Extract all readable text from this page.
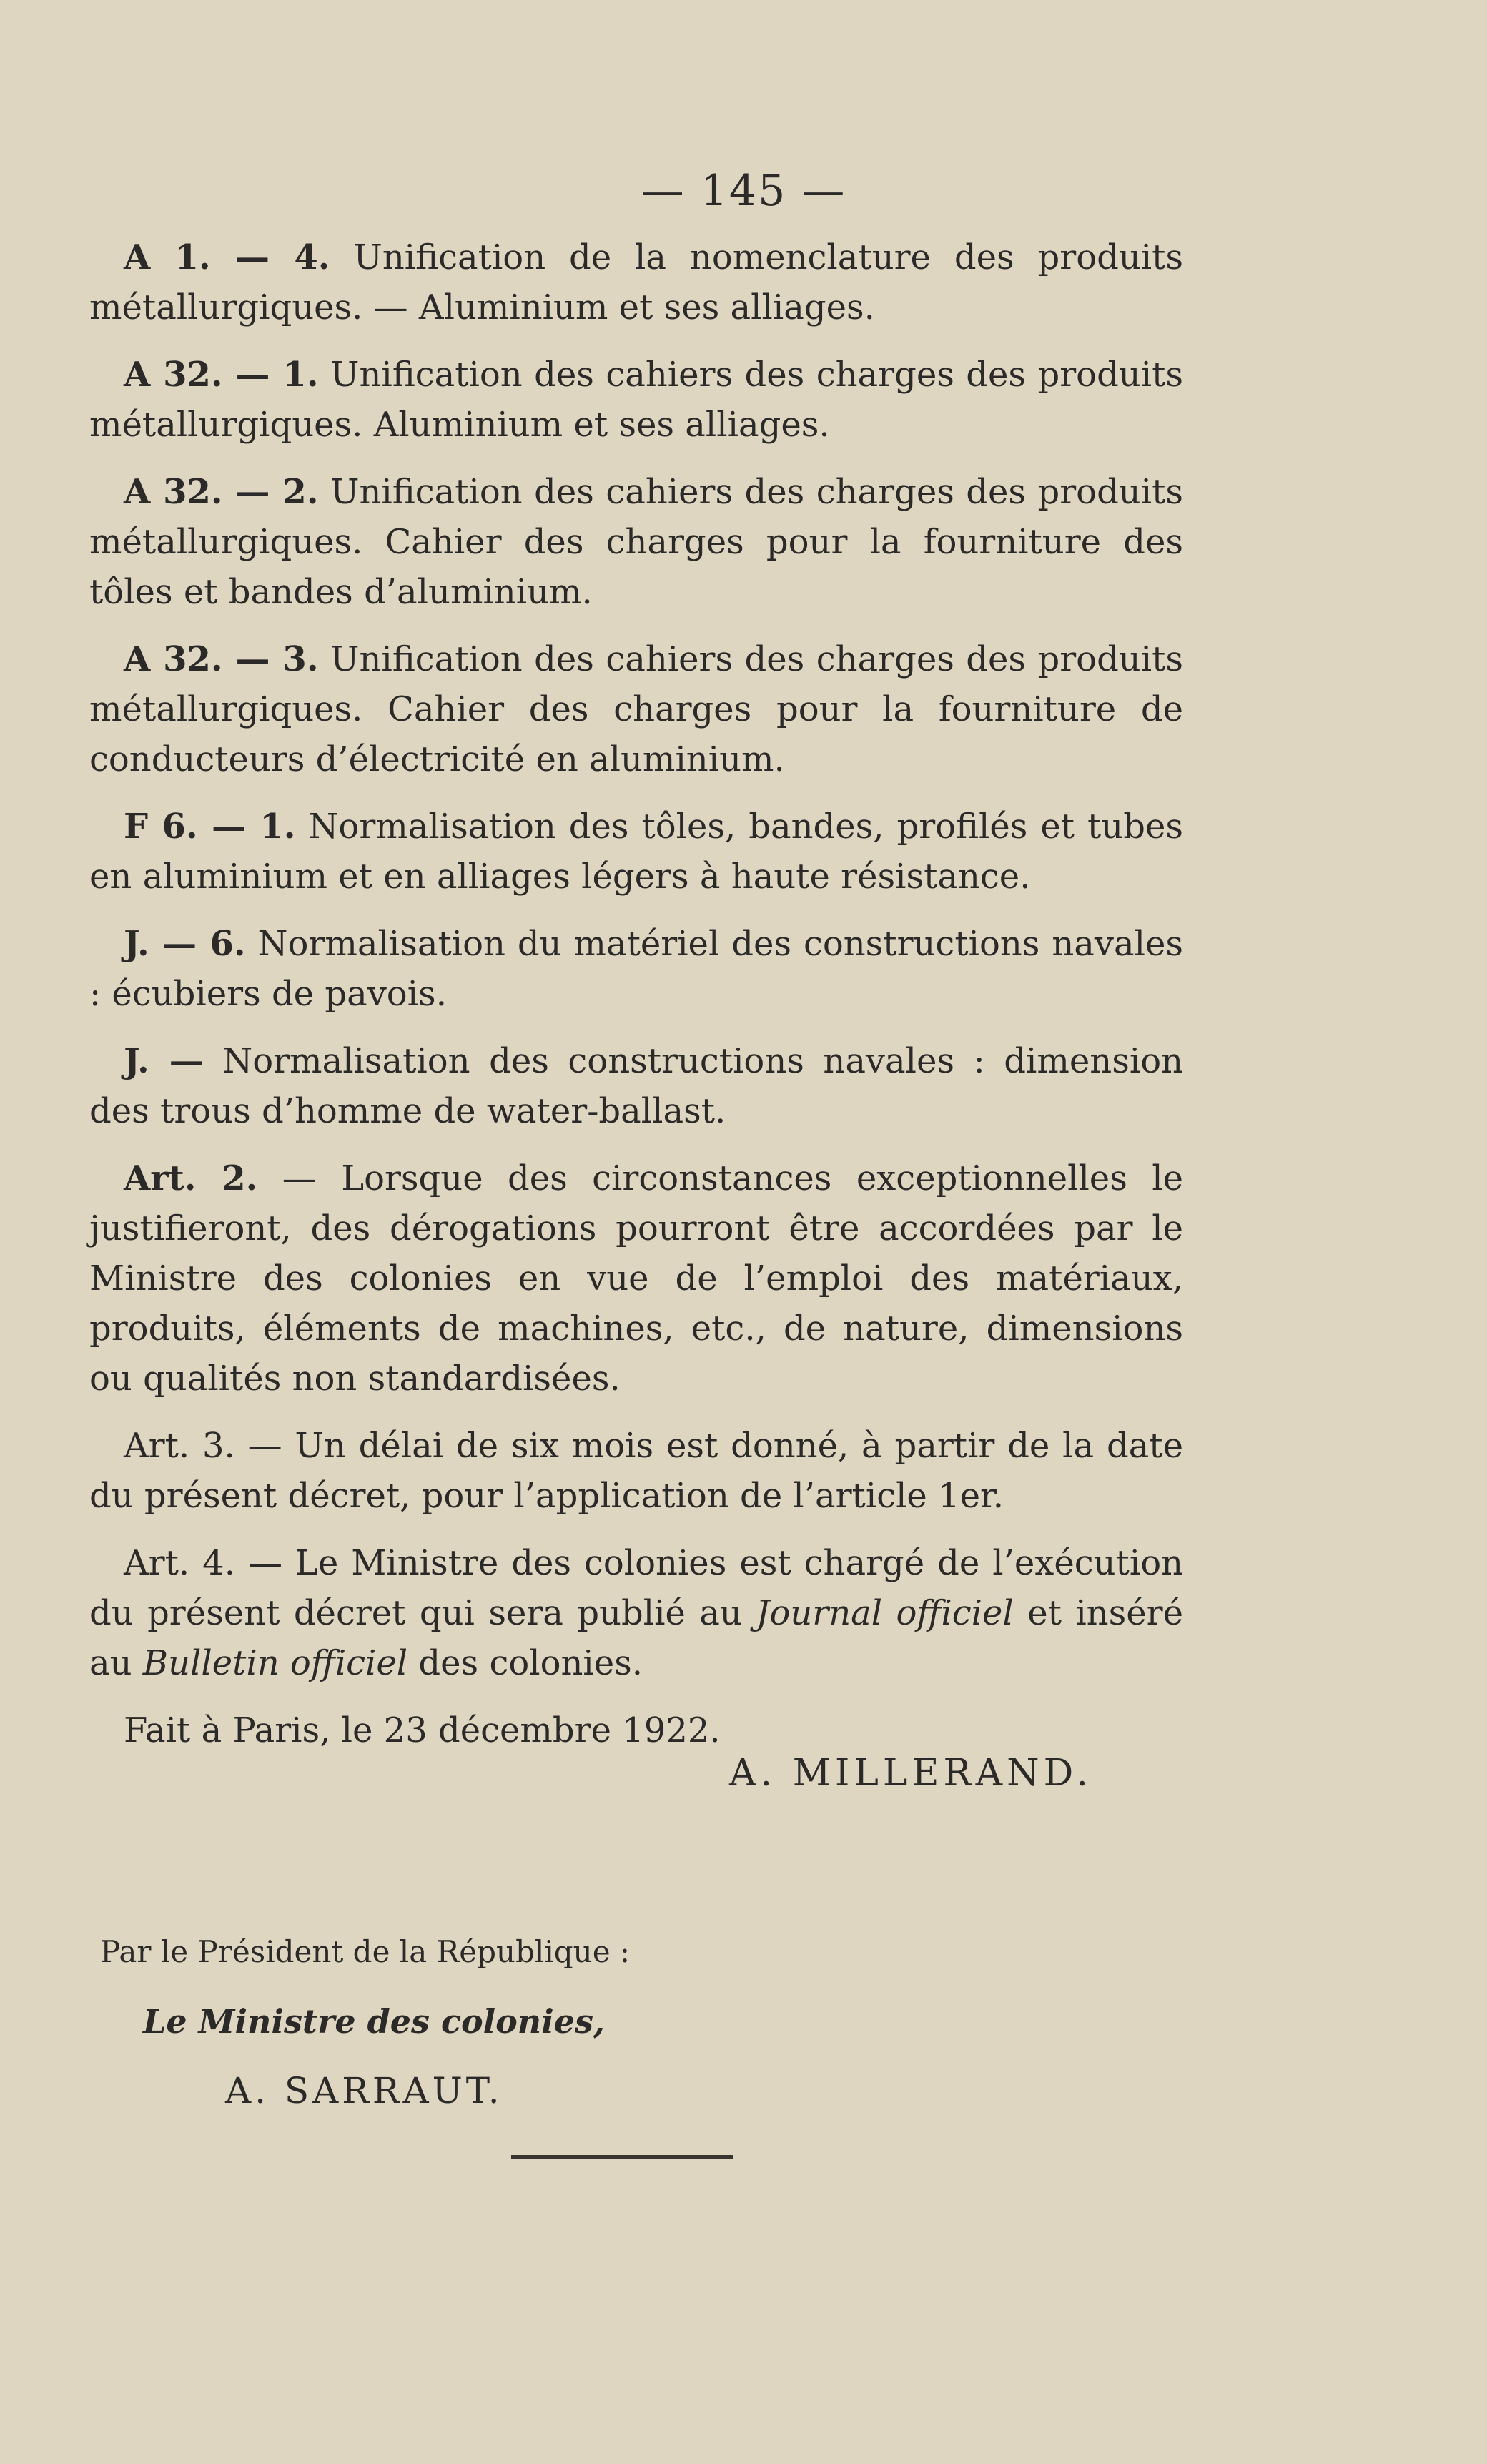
— 145 —

A 1. — 4. Unification de la nomenclature des produits métallurgiques. — Aluminium et ses alliages.

A 32. — 1. Unification des cahiers des charges des produits métallurgiques. Aluminium et ses alliages.

A 32. — 2. Unification des cahiers des charges des produits métallurgiques. Cahier des charges pour la fourniture des tôles et bandes d’aluminium.

A 32. — 3. Unification des cahiers des charges des produits métallurgiques. Cahier des charges pour la fourniture de conducteurs d’électricité en aluminium.

F 6. — 1. Normalisation des tôles, bandes, profilés et tubes en aluminium et en alliages légers à haute résistance.

J. — 6. Normalisation du matériel des constructions navales : écubiers de pavois.

J. — Normalisation des constructions navales : dimension des trous d’homme de water-ballast.

Art. 2. — Lorsque des circonstances exceptionnelles le justifieront, des dérogations pourront être accordées par le Ministre des colonies en vue de l’emploi des matériaux, produits, éléments de machines, etc., de nature, dimensions ou qualités non standardisées.

Art. 3. — Un délai de six mois est donné, à partir de la date du présent décret, pour l’application de l’article 1er.

Art. 4. — Le Ministre des colonies est chargé de l’exécution du présent décret qui sera publié au Journal officiel et inséré au Bulletin officiel des colonies.

Fait à Paris, le 23 décembre 1922.

A. MILLERAND.
Par le Président de la République :
Le Ministre des colonies,
A. SARRAUT.
